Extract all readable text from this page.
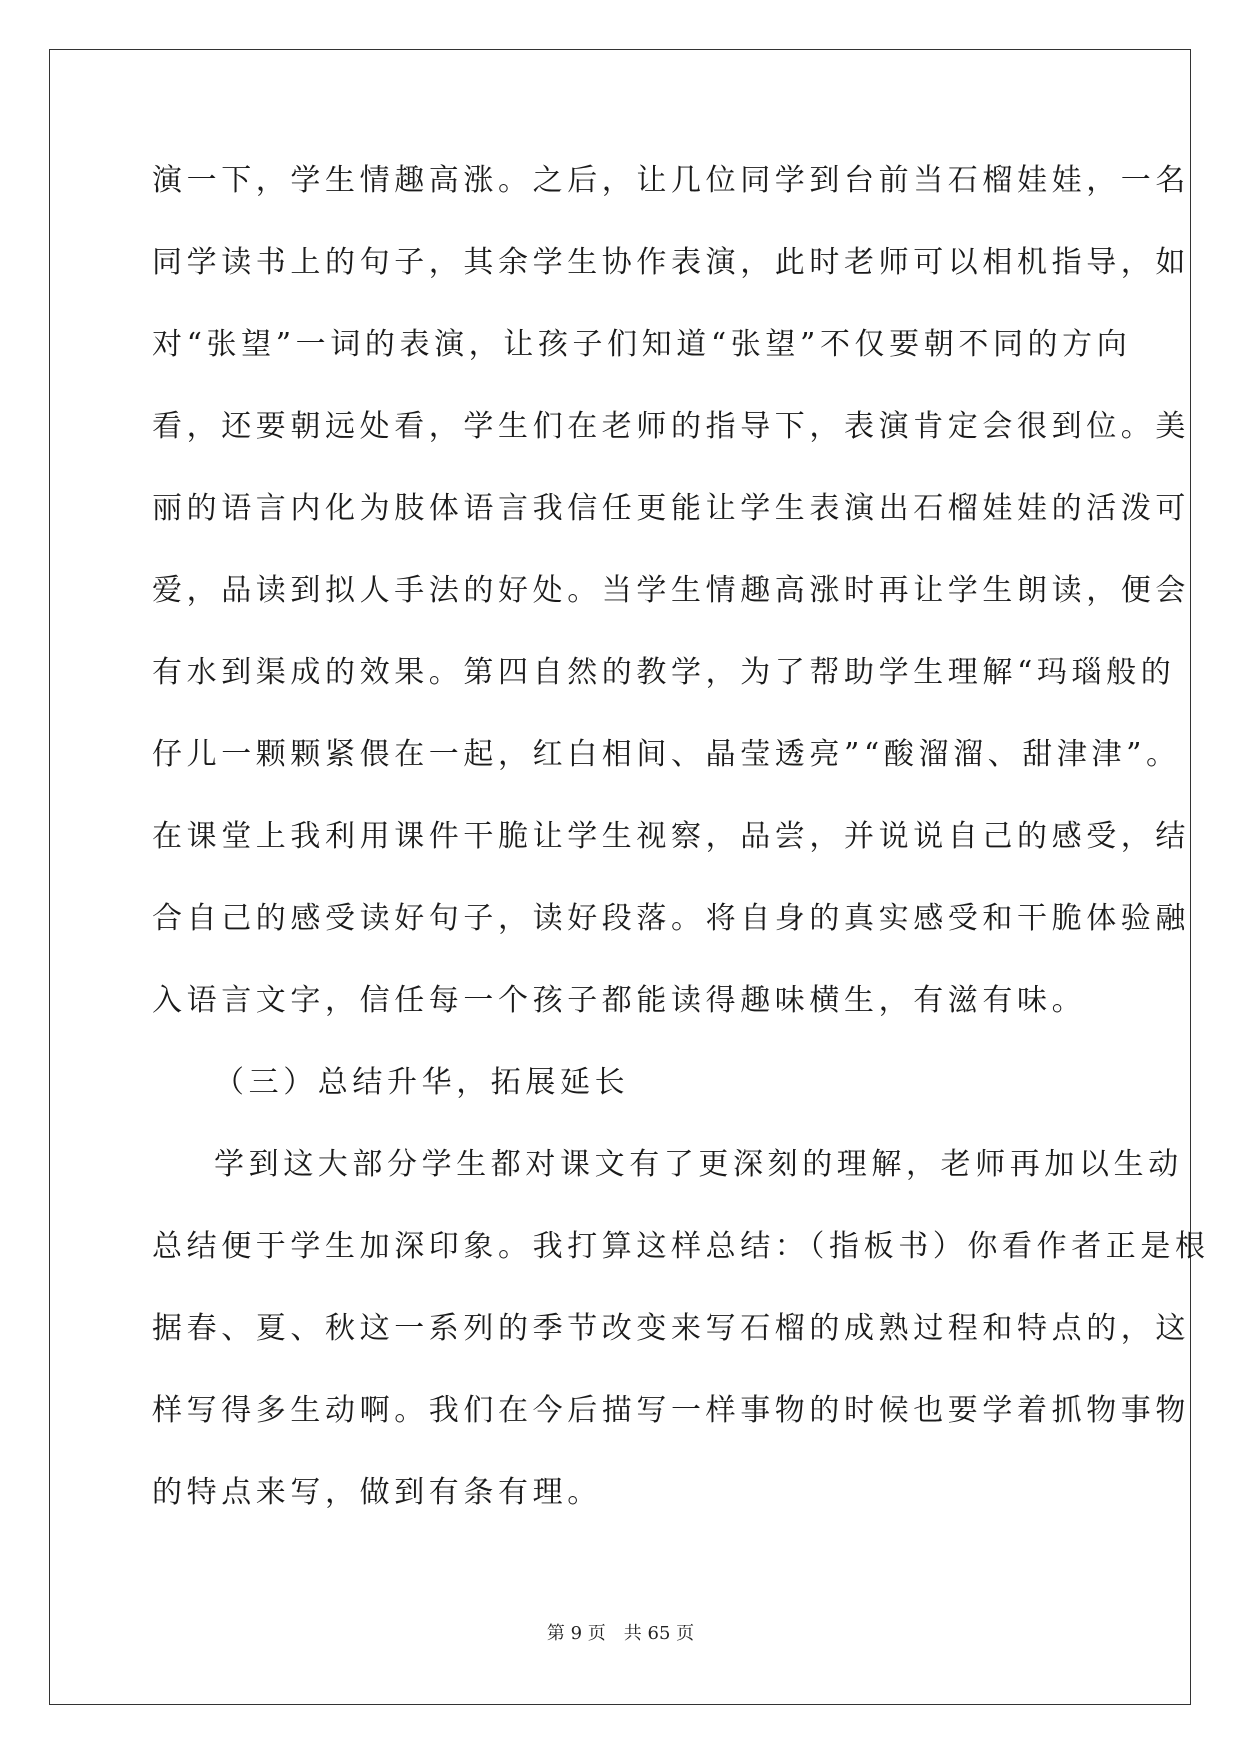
演一下，学生情趣高涨。之后，让几位同学到台前当石榴娃娃，一名
同学读书上的句子，其余学生协作表演，此时老师可以相机指导，如
对“张望”一词的表演，让孩子们知道“张望”不仅要朝不同的方向
看，还要朝远处看，学生们在老师的指导下，表演肯定会很到位。美
丽的语言内化为肢体语言我信任更能让学生表演出石榴娃娃的活泼可
爱，品读到拟人手法的好处。当学生情趣高涨时再让学生朗读，便会
有水到渠成的效果。第四自然的教学，为了帮助学生理解“玛瑙般的
仔儿一颗颗紧偎在一起，红白相间、晶莹透亮”“酸溜溜、甜津津”。
在课堂上我利用课件干脆让学生视察，品尝，并说说自己的感受，结
合自己的感受读好句子，读好段落。将自身的真实感受和干脆体验融
入语言文字，信任每一个孩子都能读得趣味横生，有滋有味。
（三）总结升华，拓展延长
学到这大部分学生都对课文有了更深刻的理解，老师再加以生动
总结便于学生加深印象。我打算这样总结：（指板书）你看作者正是根
据春、夏、秋这一系列的季节改变来写石榴的成熟过程和特点的，这
样写得多生动啊。我们在今后描写一样事物的时候也要学着抓物事物
的特点来写，做到有条有理。
第 9 页 共 65 页
